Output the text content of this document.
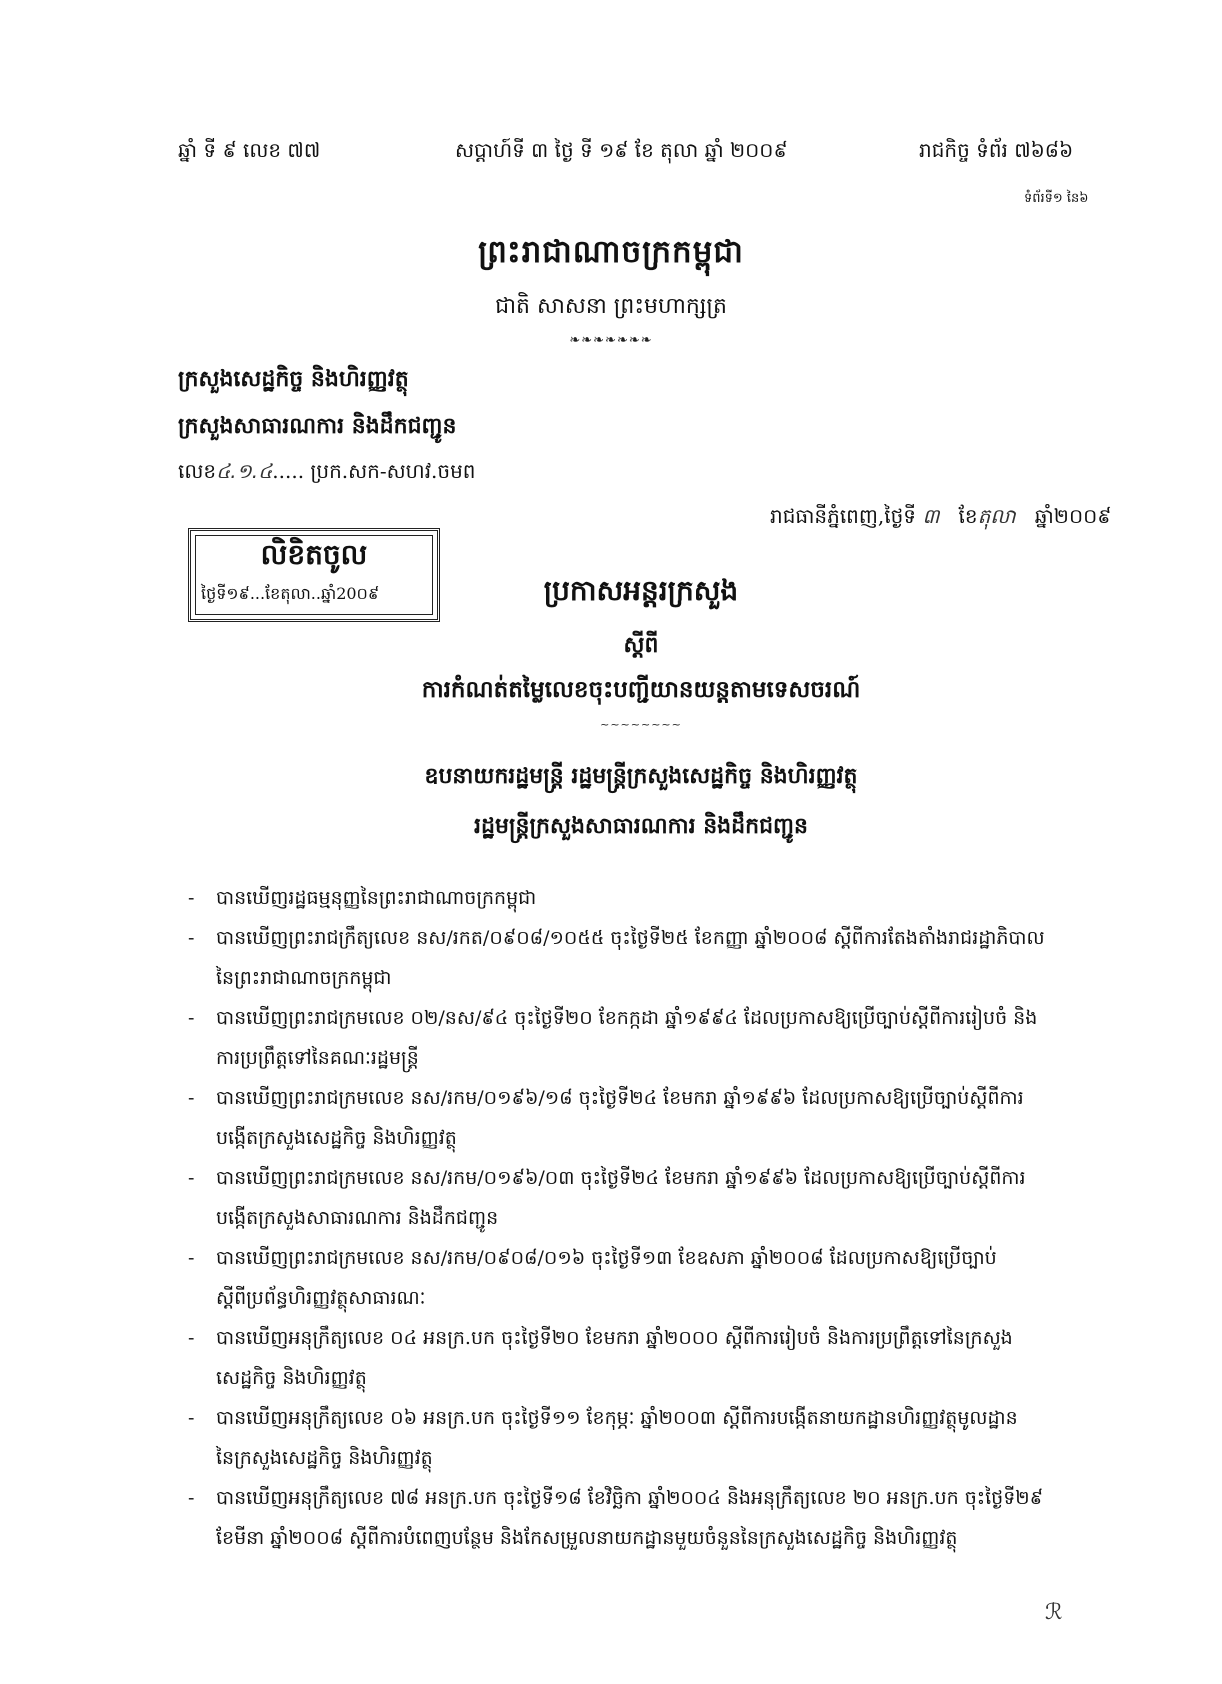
ឆ្នាំ ទី ៩ លេខ ៧៧	សប្តាហ៍ទី ៣ ថ្ងៃ ទី ១៩ ខែ តុលា ឆ្នាំ ២០០៩	រាជកិច្ច ទំព័រ ៧៦៨៦
ទំព័រទី១ នៃ៦
ព្រះរាជាណាចក្រកម្ពុជា
ជាតិ សាសនា ព្រះមហាក្សត្រ
❧❧❧❧❧❧❧
ក្រសួងសេដ្ឋកិច្ច និងហិរញ្ញវត្ថុ
ក្រសួងសាធារណការ និងដឹកជញ្ជូន
លេខ៤.១.៤..... ប្រក.សក-សហវ.ចមព
រាជធានីភ្នំពេញ,ថ្ងៃទី ៣ ខែតុលា ឆ្នាំ២០០៩
លិខិតចូល
ថ្ងៃទី១៩...ខែតុលា..ឆ្នាំ20០៩	ប្រកាសអន្តរក្រសួង
ស្តីពី
ការកំណត់តម្លៃលេខចុះបញ្ជីយានយន្តតាមទេសចរណ៍
~~~~~~~~
ឧបនាយករដ្ឋមន្ត្រី រដ្ឋមន្ត្រីក្រសួងសេដ្ឋកិច្ច និងហិរញ្ញវត្ថុ
រដ្ឋមន្ត្រីក្រសួងសាធារណការ និងដឹកជញ្ជូន
- បានឃើញរដ្ឋធម្មនុញ្ញនៃព្រះរាជាណាចក្រកម្ពុជា
- បានឃើញព្រះរាជក្រឹត្យលេខ នស/រកត/០៩០៨/១០៥៥ ចុះថ្ងៃទី២៥ ខែកញ្ញា ឆ្នាំ២០០៨ ស្តីពីការតែងតាំងរាជរដ្ឋាភិបាល
នៃព្រះរាជាណាចក្រកម្ពុជា
- បានឃើញព្រះរាជក្រមលេខ ០២/នស/៩៤ ចុះថ្ងៃទី២០ ខែកក្កដា ឆ្នាំ១៩៩៤ ដែលប្រកាសឱ្យប្រើច្បាប់ស្តីពីការរៀបចំ និង
ការប្រព្រឹត្តទៅនៃគណៈរដ្ឋមន្ត្រី
- បានឃើញព្រះរាជក្រមលេខ នស/រកម/០១៩៦/១៨ ចុះថ្ងៃទី២៤ ខែមករា ឆ្នាំ១៩៩៦ ដែលប្រកាសឱ្យប្រើច្បាប់ស្តីពីការ
បង្កើតក្រសួងសេដ្ឋកិច្ច និងហិរញ្ញវត្ថុ
- បានឃើញព្រះរាជក្រមលេខ នស/រកម/០១៩៦/០៣ ចុះថ្ងៃទី២៤ ខែមករា ឆ្នាំ១៩៩៦ ដែលប្រកាសឱ្យប្រើច្បាប់ស្តីពីការ
បង្កើតក្រសួងសាធារណការ និងដឹកជញ្ជូន
- បានឃើញព្រះរាជក្រមលេខ នស/រកម/០៩០៨/០១៦ ចុះថ្ងៃទី១៣ ខែឧសភា ឆ្នាំ២០០៨ ដែលប្រកាសឱ្យប្រើច្បាប់
ស្តីពីប្រព័ន្ធហិរញ្ញវត្ថុសាធារណៈ
- បានឃើញអនុក្រឹត្យលេខ ០៤ អនក្រ.បក ចុះថ្ងៃទី២០ ខែមករា ឆ្នាំ២០០០ ស្តីពីការរៀបចំ និងការប្រព្រឹត្តទៅនៃក្រសួង
សេដ្ឋកិច្ច និងហិរញ្ញវត្ថុ
- បានឃើញអនុក្រឹត្យលេខ ០៦ អនក្រ.បក ចុះថ្ងៃទី១១ ខែកុម្ភៈ ឆ្នាំ២០០៣ ស្តីពីការបង្កើតនាយកដ្ឋានហិរញ្ញវត្ថុមូលដ្ឋាន
នៃក្រសួងសេដ្ឋកិច្ច និងហិរញ្ញវត្ថុ
- បានឃើញអនុក្រឹត្យលេខ ៧៨ អនក្រ.បក ចុះថ្ងៃទី១៨ ខែវិច្ឆិកា ឆ្នាំ២០០៤ និងអនុក្រឹត្យលេខ ២០ អនក្រ.បក ចុះថ្ងៃទី២៩
ខែមីនា ឆ្នាំ២០០៨ ស្តីពីការបំពេញបន្ថែម និងកែសម្រួលនាយកដ្ឋានមួយចំនួននៃក្រសួងសេដ្ឋកិច្ច និងហិរញ្ញវត្ថុ
ℛ
